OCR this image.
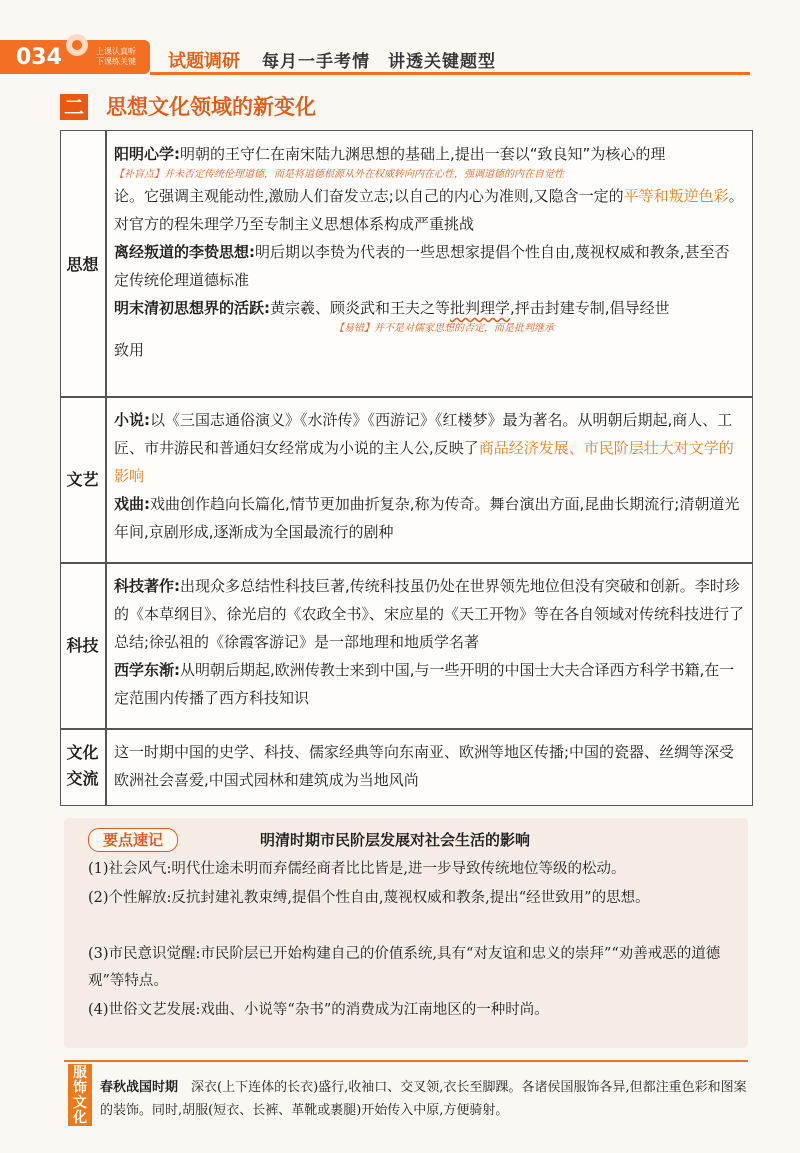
034	上课认真听
下课练关键 试题调研 每月一手考情　讲透关键题型
二 思想文化领域的新变化
思想
阳明心学:明朝的王守仁在南宋陆九渊思想的基础上,提出一套以“致良知”为核心的理
【补盲点】并未否定传统伦理道德，而是将道德根源从外在权威转向内在心性，强调道德的内在自觉性
论。它强调主观能动性,激励人们奋发立志;以自己的内心为准则,又隐含一定的平等和叛逆色彩。对官方的程朱理学乃至专制主义思想体系构成严重挑战
离经叛道的李贽思想:明后期以李贽为代表的一些思想家提倡个性自由,蔑视权威和教条,甚至否定传统伦理道德标准
明末清初思想界的活跃:黄宗羲、顾炎武和王夫之等批判理学,抨击封建专制,倡导经世
【易错】并不是对儒家思想的否定，而是批判继承
致用
文艺
小说:以《三国志通俗演义》《水浒传》《西游记》《红楼梦》最为著名。从明朝后期起,商人、工匠、市井游民和普通妇女经常成为小说的主人公,反映了商品经济发展、市民阶层壮大对文学的影响
戏曲:戏曲创作趋向长篇化,情节更加曲折复杂,称为传奇。舞台演出方面,昆曲长期流行;清朝道光年间,京剧形成,逐渐成为全国最流行的剧种
科技
科技著作:出现众多总结性科技巨著,传统科技虽仍处在世界领先地位但没有突破和创新。李时珍的《本草纲目》、徐光启的《农政全书》、宋应星的《天工开物》等在各自领域对传统科技进行了总结;徐弘祖的《徐霞客游记》是一部地理和地质学名著
西学东渐:从明朝后期起,欧洲传教士来到中国,与一些开明的中国士大夫合译西方科学书籍,在一定范围内传播了西方科技知识
文化
交流
这一时期中国的史学、科技、儒家经典等向东南亚、欧洲等地区传播;中国的瓷器、丝绸等深受欧洲社会喜爱,中国式园林和建筑成为当地风尚
要点速记	明清时期市民阶层发展对社会生活的影响
(1)社会风气:明代仕途未明而弃儒经商者比比皆是,进一步导致传统地位等级的松动。
(2)个性解放:反抗封建礼教束缚,提倡个性自由,蔑视权威和教条,提出“经世致用”的思想。
(3)市民意识觉醒:市民阶层已开始构建自己的价值系统,具有“对友谊和忠义的崇拜”“劝善戒恶的道德观”等特点。
(4)世俗文艺发展:戏曲、小说等“杂书”的消费成为江南地区的一种时尚。
服饰文化
春秋战国时期　 深衣(上下连体的长衣)盛行,收袖口、交叉领,衣长至脚踝。各诸侯国服饰各异,但都注重色彩和图案的装饰。同时,胡服(短衣、长裤、革靴或裹腿)开始传入中原,方便骑射。
